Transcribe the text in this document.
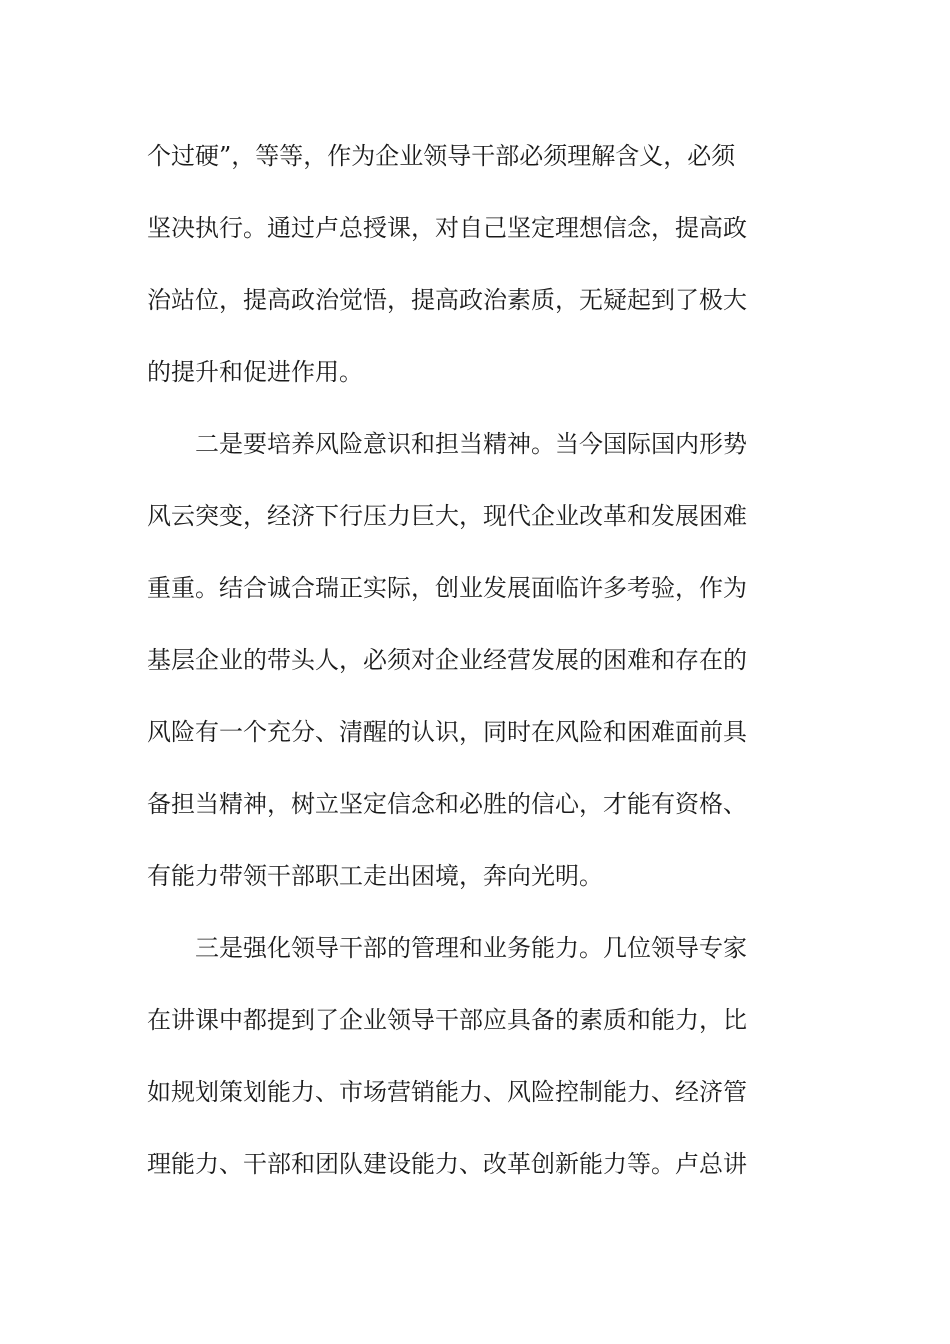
个过硬”，等等，作为企业领导干部必须理解含义，必须
坚决执行。通过卢总授课，对自己坚定理想信念，提高政
治站位，提高政治觉悟，提高政治素质，无疑起到了极大
的提升和促进作用。
二是要培养风险意识和担当精神。当今国际国内形势
风云突变，经济下行压力巨大，现代企业改革和发展困难
重重。结合诚合瑞正实际，创业发展面临许多考验，作为
基层企业的带头人，必须对企业经营发展的困难和存在的
风险有一个充分、清醒的认识，同时在风险和困难面前具
备担当精神，树立坚定信念和必胜的信心，才能有资格、
有能力带领干部职工走出困境，奔向光明。
三是强化领导干部的管理和业务能力。几位领导专家
在讲课中都提到了企业领导干部应具备的素质和能力，比
如规划策划能力、市场营销能力、风险控制能力、经济管
理能力、干部和团队建设能力、改革创新能力等。卢总讲
